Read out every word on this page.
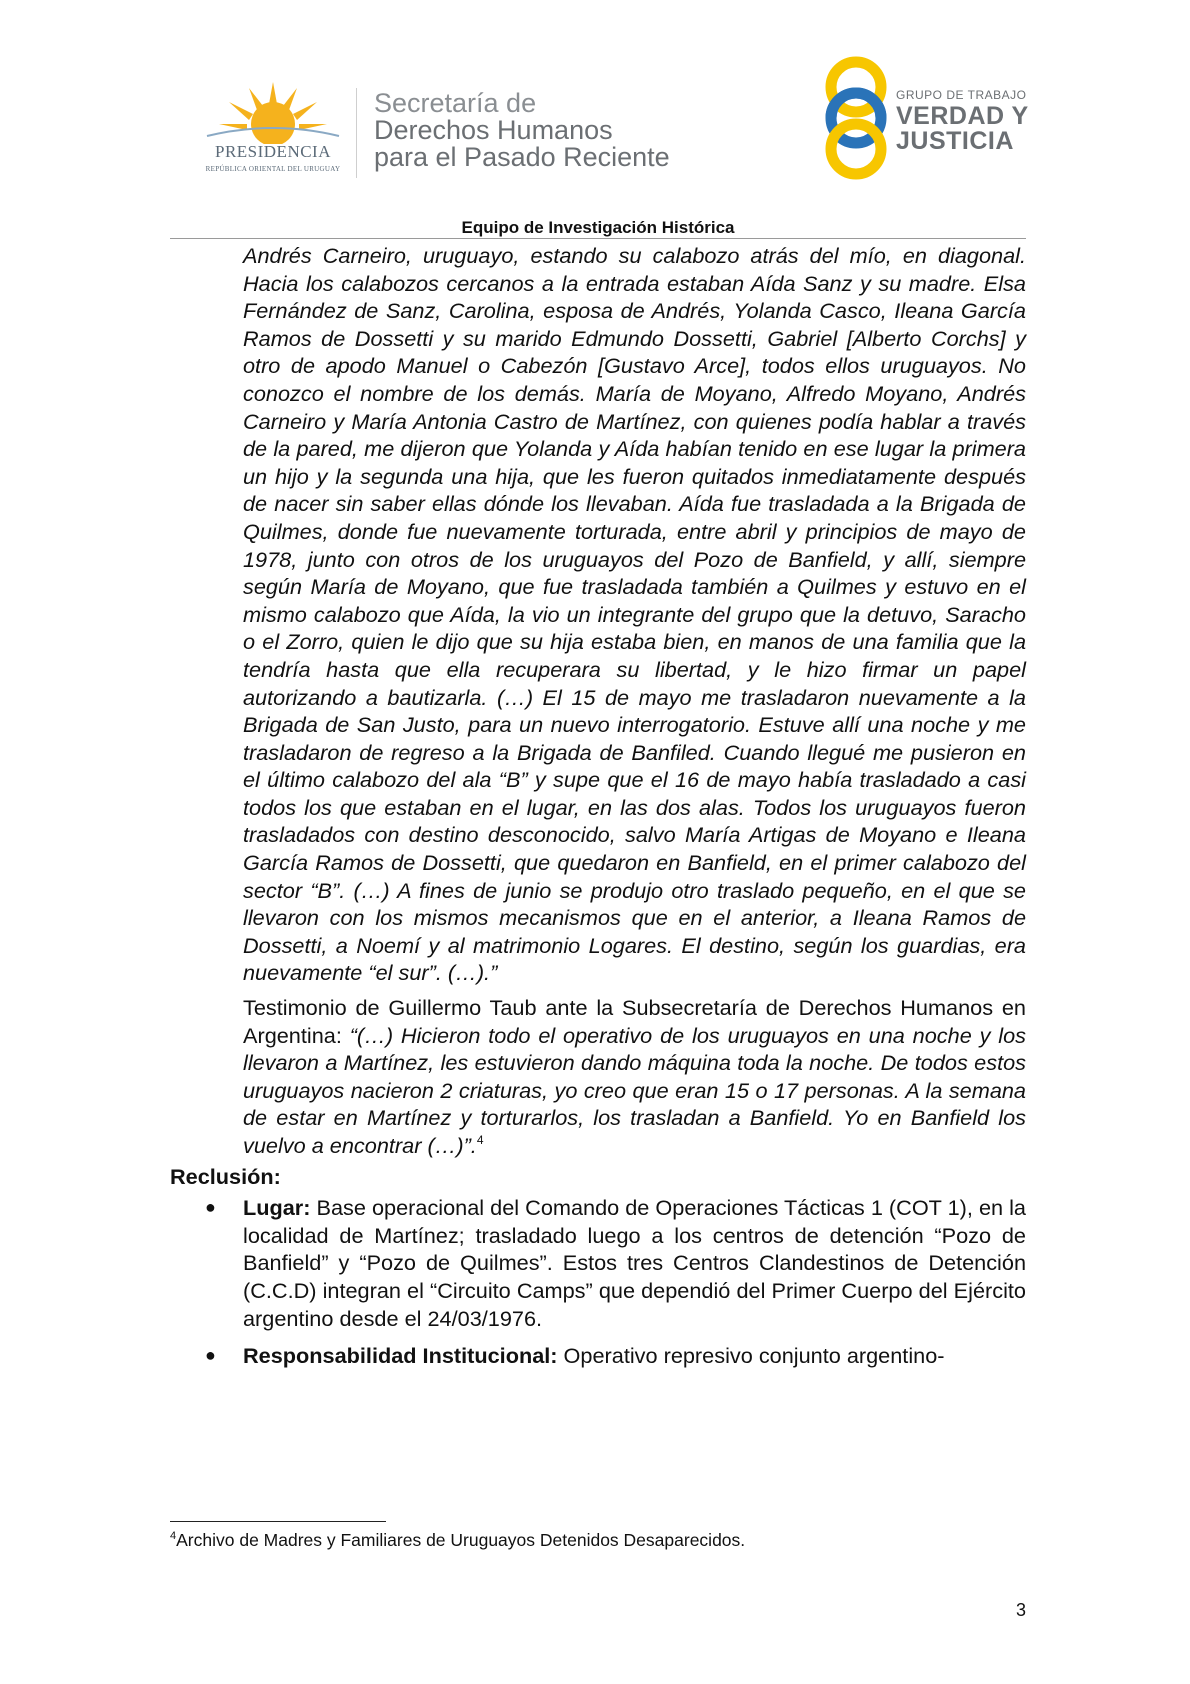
PRESIDENCIA
REPÚBLICA ORIENTAL DEL URUGUAY
Secretaría de
Derechos Humanos
para el Pasado Reciente
GRUPO DE TRABAJO
VERDAD Y
JUSTICIA
Equipo de Investigación Histórica
Andrés Carneiro, uruguayo, estando su calabozo atrás del mío, en diagonal. Hacia los calabozos cercanos a la entrada estaban Aída Sanz y su madre. Elsa Fernández de Sanz, Carolina, esposa de Andrés, Yolanda Casco, Ileana García Ramos de Dossetti y su marido Edmundo Dossetti, Gabriel [Alberto Corchs] y otro de apodo Manuel o Cabezón [Gustavo Arce], todos ellos uruguayos. No conozco el nombre de los demás. María de Moyano, Alfredo Moyano, Andrés Carneiro y María Antonia Castro de Martínez, con quienes podía hablar a través de la pared, me dijeron que Yolanda y Aída habían tenido en ese lugar la primera un hijo y la segunda una hija, que les fueron quitados inmediatamente después de nacer sin saber ellas dónde los llevaban. Aída fue trasladada a la Brigada de Quilmes, donde fue nuevamente torturada, entre abril y principios de mayo de 1978, junto con otros de los uruguayos del Pozo de Banfield, y allí, siempre según María de Moyano, que fue trasladada también a Quilmes y estuvo en el mismo calabozo que Aída, la vio un integrante del grupo que la detuvo, Saracho o el Zorro, quien le dijo que su hija estaba bien, en manos de una familia que la tendría hasta que ella recuperara su libertad, y le hizo firmar un papel autorizando a bautizarla. (…) El 15 de mayo me trasladaron nuevamente a la Brigada de San Justo, para un nuevo interrogatorio. Estuve allí una noche y me trasladaron de regreso a la Brigada de Banfiled. Cuando llegué me pusieron en el último calabozo del ala “B” y supe que el 16 de mayo había trasladado a casi todos los que estaban en el lugar, en las dos alas. Todos los uruguayos fueron trasladados con destino desconocido, salvo María Artigas de Moyano e Ileana García Ramos de Dossetti, que quedaron en Banfield, en el primer calabozo del sector “B”. (…) A fines de junio se produjo otro traslado pequeño, en el que se llevaron con los mismos mecanismos que en el anterior, a Ileana Ramos de Dossetti, a Noemí y al matrimonio Logares. El destino, según los guardias, era nuevamente “el sur”. (…).”
Testimonio de Guillermo Taub ante la Subsecretaría de Derechos Humanos en Argentina: “(…) Hicieron todo el operativo de los uruguayos en una noche y los llevaron a Martínez, les estuvieron dando máquina toda la noche. De todos estos uruguayos nacieron 2 criaturas, yo creo que eran 15 o 17 personas. A la semana de estar en Martínez y torturarlos, los trasladan a Banfield. Yo en Banfield los vuelvo a encontrar (…)”.$^4$
Reclusión:
● Lugar: Base operacional del Comando de Operaciones Tácticas 1 (COT 1), en la localidad de Martínez; trasladado luego a los centros de detención “Pozo de Banfield” y “Pozo de Quilmes”. Estos tres Centros Clandestinos de Detención (C.C.D) integran el “Circuito Camps” que dependió del Primer Cuerpo del Ejército argentino desde el 24/03/1976.
● Responsabilidad Institucional: Operativo represivo conjunto argentino-
$^4$Archivo de Madres y Familiares de Uruguayos Detenidos Desaparecidos.
3
